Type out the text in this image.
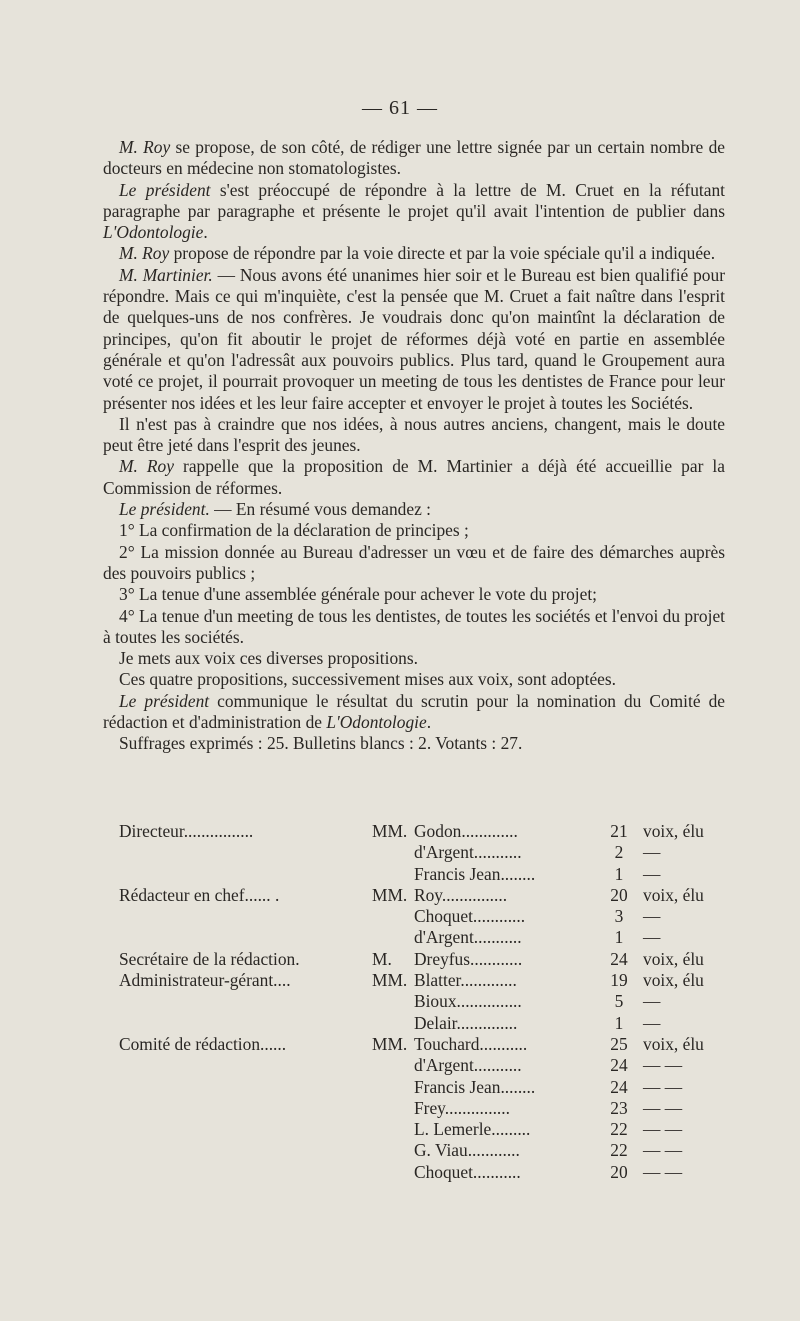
— 61 —

M. Roy se propose, de son côté, de rédiger une lettre signée par un certain nombre de docteurs en médecine non stomatologistes.

Le président s'est préoccupé de répondre à la lettre de M. Cruet en la réfutant paragraphe par paragraphe et présente le projet qu'il avait l'intention de publier dans L'Odontologie.

M. Roy propose de répondre par la voie directe et par la voie spéciale qu'il a indiquée.

M. Martinier. — Nous avons été unanimes hier soir et le Bureau est bien qualifié pour répondre. Mais ce qui m'inquiète, c'est la pensée que M. Cruet a fait naître dans l'esprit de quelques-uns de nos confrères. Je voudrais donc qu'on maintînt la déclaration de principes, qu'on fit aboutir le projet de réformes déjà voté en partie en assemblée générale et qu'on l'adressât aux pouvoirs publics. Plus tard, quand le Groupement aura voté ce projet, il pourrait provoquer un meeting de tous les dentistes de France pour leur présenter nos idées et les leur faire accepter et envoyer le projet à toutes les Sociétés.

Il n'est pas à craindre que nos idées, à nous autres anciens, changent, mais le doute peut être jeté dans l'esprit des jeunes.

M. Roy rappelle que la proposition de M. Martinier a déjà été accueillie par la Commission de réformes.

Le président. — En résumé vous demandez :

1° La confirmation de la déclaration de principes ;

2° La mission donnée au Bureau d'adresser un vœu et de faire des démarches auprès des pouvoirs publics ;

3° La tenue d'une assemblée générale pour achever le vote du projet;

4° La tenue d'un meeting de tous les dentistes, de toutes les sociétés et l'envoi du projet à toutes les sociétés.

Je mets aux voix ces diverses propositions.

Ces quatre propositions, successivement mises aux voix, sont adoptées.

Le président communique le résultat du scrutin pour la nomination du Comité de rédaction et d'administration de L'Odontologie.

Suffrages exprimés : 25. Bulletins blancs : 2. Votants : 27.

Directeur................	MM. Godon.............	21 voix, élu
d'Argent...........	2	—
Francis Jean........	1	—
Rédacteur en chef...... .	MM. Roy...............	20 voix, élu
Choquet............	3	—
d'Argent...........	1	—
Secrétaire de la rédaction.	M. Dreyfus............	24 voix, élu
Administrateur-gérant....	MM. Blatter.............	19 voix, élu
Bioux...............	5	—
Delair..............	1	—
Comité de rédaction......	MM. Touchard...........	25 voix, élu
d'Argent...........	24 — —
Francis Jean........	24 — —
Frey...............	23 — —
L. Lemerle.........	22 — —
G. Viau............	22 — —
Choquet...........	20 — —
